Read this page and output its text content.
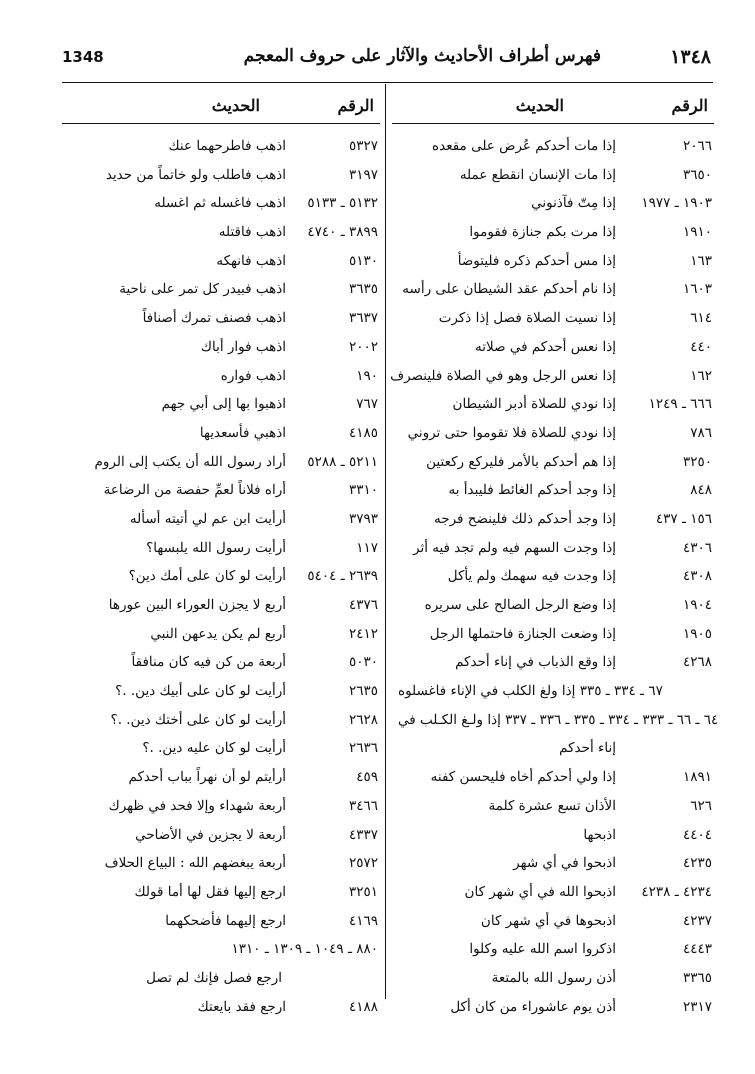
1348	فهرس أطراف الأحاديث والآثار على حروف المعجم	١٣٤٨
الرقم
الحديث
٢٠٦٦
إذا مات أحدكم عُرض على مقعده
٣٦٥٠
إذا مات الإنسان انقطع عمله
١٩٠٣ ـ ١٩٧٧
إذا مِتّ فآذنوني
١٩١٠
إذا مرت بكم جنازة فقوموا
١٦٣
إذا مس أحدكم ذكره فليتوضأ
١٦٠٣
إذا نام أحدكم عقد الشيطان على رأسه
٦١٤
إذا نسيت الصلاة فصل إذا ذكرت
٤٤٠
إذا نعس أحدكم في صلاته
١٦٢
إذا نعس الرجل وهو في الصلاة فلينصرف
٦٦٦ ـ ١٢٤٩
إذا نودي للصلاة أدبر الشيطان
٧٨٦
إذا نودي للصلاة فلا تقوموا حتى تروني
٣٢٥٠
إذا هم أحدكم بالأمر فليركع ركعتين
٨٤٨
إذا وجد أحدكم الغائط فليبدأ به
١٥٦ ـ ٤٣٧
إذا وجد أحدكم ذلك فلينضح فرجه
٤٣٠٦
إذا وجدت السهم فيه ولم تجد فيه أثر
٤٣٠٨
إذا وجدت فيه سهمك ولم يأكل
١٩٠٤
إذا وضع الرجل الصالح على سريره
١٩٠٥
إذا وضعت الجنازة فاحتملها الرجل
٤٢٦٨
إذا وقع الذباب في إناء أحدكم
٦٧ ـ ٣٣٤ ـ ٣٣٥ إذا ولغ الكلب في الإناء فاغسلوه
٦٤ ـ ٦٦ ـ ٣٣٣ ـ ٣٣٤ ـ ٣٣٥ ـ ٣٣٦ ـ ٣٣٧ إذا ولـغ الكـلب في
إناء أحدكم
١٨٩١
إذا ولي أحدكم أخاه فليحسن كفنه
٦٢٦
الأذان تسع عشرة كلمة
٤٤٠٤
اذبحها
٤٢٣٥
اذبحوا في أي شهر
٤٢٣٤ ـ ٤٢٣٨
اذبحوا الله في أي شهر كان
٤٢٣٧
اذبحوها في أي شهر كان
٤٤٤٣
اذكروا اسم الله عليه وكلوا
٣٣٦٥
أذن رسول الله بالمتعة
٢٣١٧
أذن يوم عاشوراء من كان أكل
الرقم
الحديث
٥٣٢٧
اذهب فاطرحهما عنك
٣١٩٧
اذهب فاطلب ولو خاتماً من حديد
٥١٣٢ ـ ٥١٣٣
اذهب فاغسله ثم اغسله
٣٨٩٩ ـ ٤٧٤٠
اذهب فاقتله
٥١٣٠
اذهب فانهكه
٣٦٣٥
اذهب فبيدر كل تمر على ناحية
٣٦٣٧
اذهب فصنف تمرك أصنافاً
٢٠٠٢
اذهب فوار أباك
١٩٠
اذهب فواره
٧٦٧
اذهبوا بها إلى أبي جهم
٤١٨٥
اذهبي فأسعديها
٥٢١١ ـ ٥٢٨٨
أراد رسول الله أن يكتب إلى الروم
٣٣١٠
أراه فلاناً لعمِّ حفصة من الرضاعة
٣٧٩٣
أرأيت ابن عم لي أتيته أسأله
١١٧
أرأيت رسول الله يلبسها؟
٢٦٣٩ ـ ٥٤٠٤
أرأيت لو كان على أمك دين؟
٤٣٧٦
أربع لا يجزن العوراء البين عورها
٢٤١٢
أربع لم يكن يدعهن النبي
٥٠٣٠
أربعة من كن فيه كان منافقاً
٢٦٣٥
أرأيت لو كان على أبيك دين. .؟
٢٦٢٨
أرأيت لو كان على أختك دين. .؟
٢٦٣٦
أرأيت لو كان عليه دين. .؟
٤٥٩
أرأيتم لو أن نهراً بباب أحدكم
٣٤٦٦
أربعة شهداء وإلا فحد في ظهرك
٤٣٣٧
أربعة لا يجزين في الأضاحي
٢٥٧٢
أربعة يبغضهم الله : البياع الحلاف
٣٢٥١
ارجع إليها فقل لها أما قولك
٤١٦٩
ارجع إليهما فأضحكهما
٨٨٠ ـ ١٠٤٩ ـ ١٣٠٩ ـ ١٣١٠
ارجع فصل فإنك لم تصل
٤١٨٨
ارجع فقد بايعتك
